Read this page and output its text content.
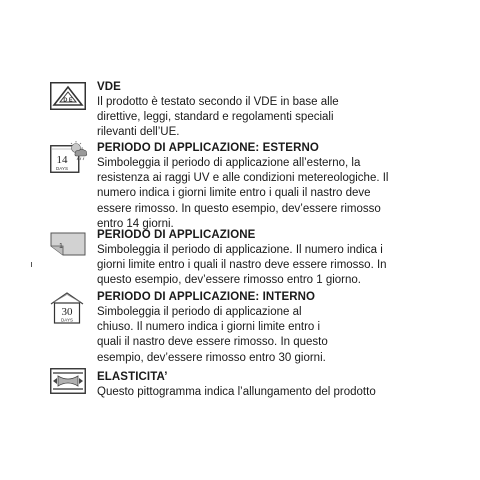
D E
VDE
Il prodotto è testato secondo il VDE in base alle
direttive, leggi, standard e regolamenti speciali
rilevanti dell’UE.
14
DAYS
PERIODO DI APPLICAZIONE: ESTERNO
Simboleggia il periodo di applicazione all’esterno, la
resistenza ai raggi UV e alle condizioni metereologiche. Il
numero indica i giorni limite entro i quali il nastro deve
essere rimosso. In questo esempio, dev’essere rimosso
entro 14 giorni.
1
PERIODO DI APPLICAZIONE
Simboleggia il periodo di applicazione. Il numero indica i
giorni limite entro i quali il nastro deve essere rimosso. In
questo esempio, dev’essere rimosso entro 1 giorno.
30
DAYS
PERIODO DI APPLICAZIONE: INTERNO
Simboleggia il periodo di applicazione al
chiuso. Il numero indica i giorni limite entro i
quali il nastro deve essere rimosso. In questo
esempio, dev’essere rimosso entro 30 giorni.
ELASTICITA’
Questo pittogramma indica l’allungamento del prodotto
